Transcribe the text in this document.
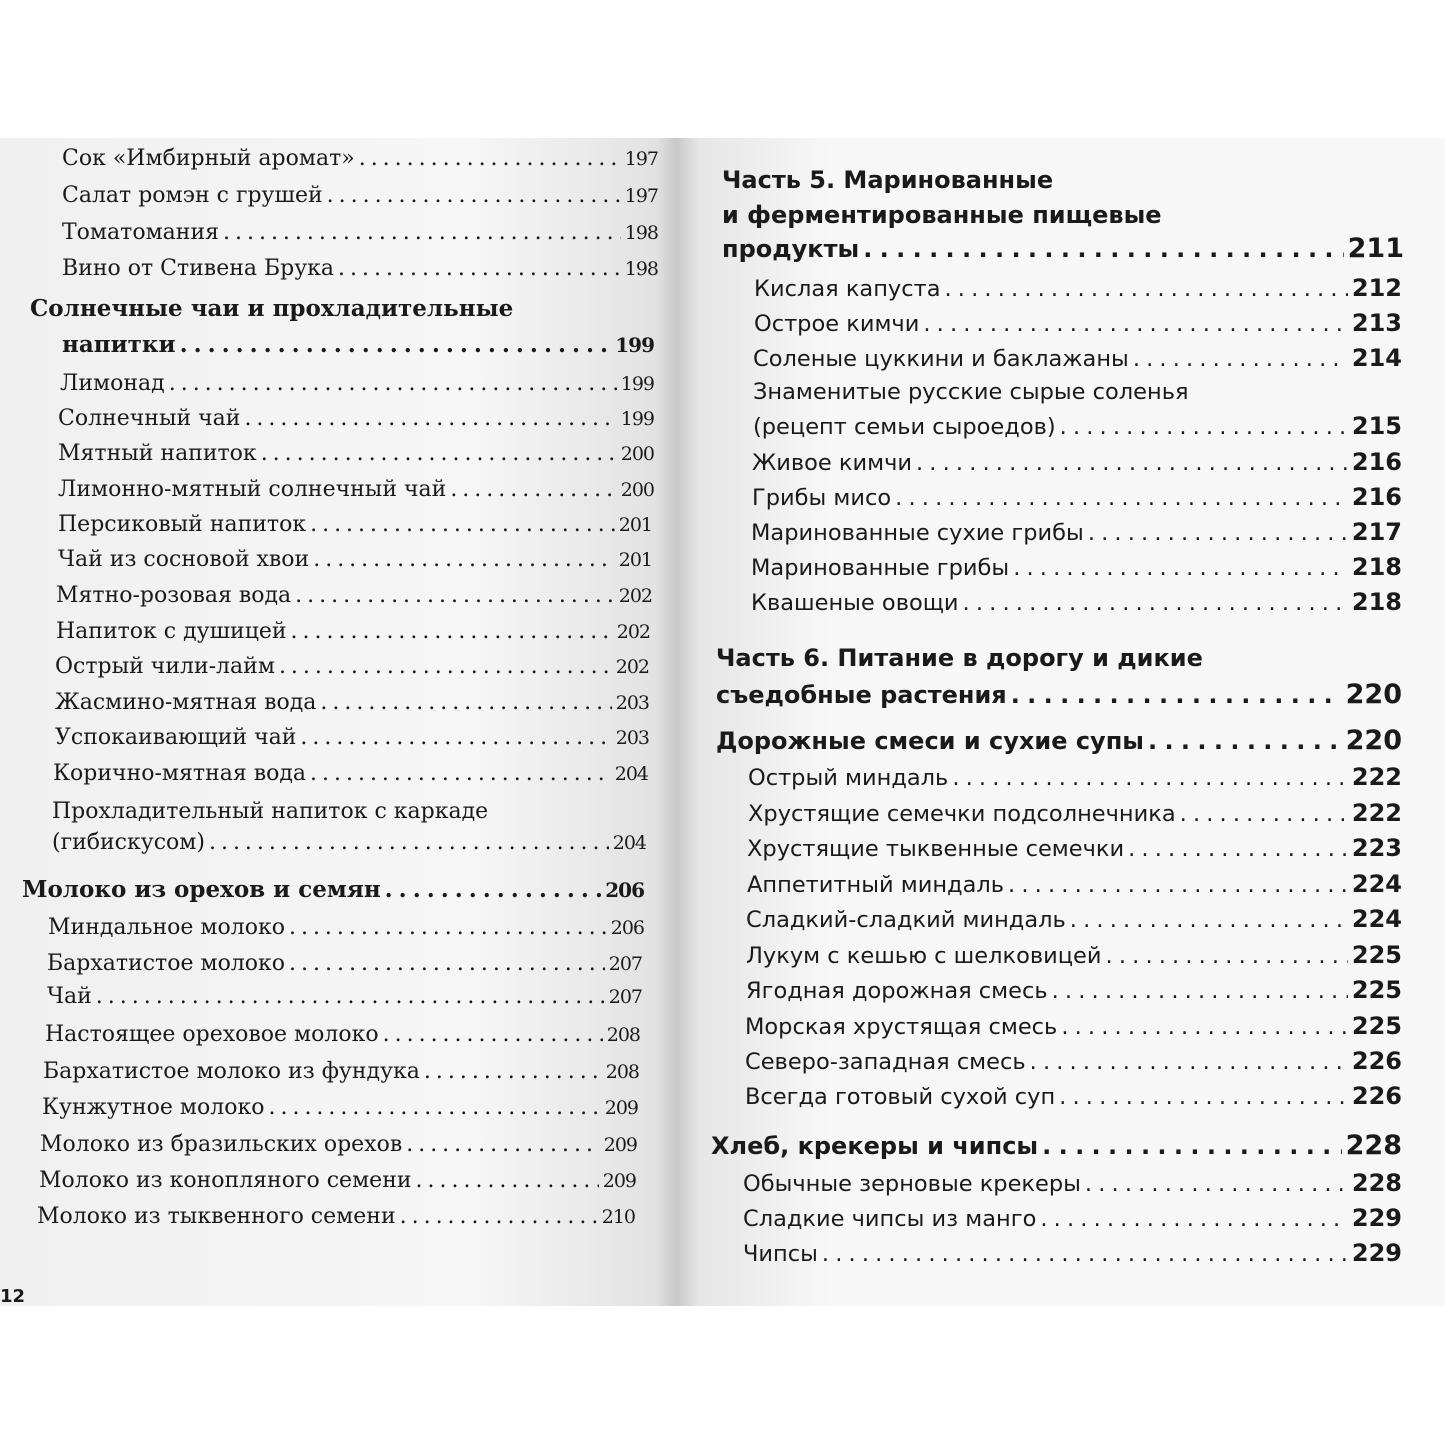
Сок «Имбирный аромат» . . .	197
Салат ромэн с грушей . . .	197
Томатомания . . .	198
Вино от Стивена Брука . . .	198
Солнечные чаи и прохладительные
напитки . . .	199
Лимонад . . .	199
Солнечный чай . . .	199
Мятный напиток . . .	200
Лимонно-мятный солнечный чай . . .	200
Персиковый напиток . . .	201
Чай из сосновой хвои . . .	201
Мятно-розовая вода . . .	202
Напиток с душицей . . .	202
Острый чили-лайм . . .	202
Жасмино-мятная вода . . .	203
Успокаивающий чай . . .	203
Корично-мятная вода . . .	204
Прохладительный напиток с каркаде
(гибискусом) . . .	204
Молоко из орехов и семян . . .	206
Миндальное молоко . . .	206
Бархатистое молоко . . .	207
Чай . . .	207
Настоящее ореховое молоко . . .	208
Бархатистое молоко из фундука . . .	208
Кунжутное молоко . . .	209
Молоко из бразильских орехов . . .	209
Молоко из конопляного семени . . .	209
Молоко из тыквенного семени . . .	210
12
Часть 5. Маринованные
и ферментированные пищевые
продукты . . .	211
Кислая капуста . . .	212
Острое кимчи . . .	213
Соленые цуккини и баклажаны . . .	214
Знаменитые русские сырые соленья
(рецепт семьи сыроедов) . . .	215
Живое кимчи . . .	216
Грибы мисо . . .	216
Маринованные сухие грибы . . .	217
Маринованные грибы . . .	218
Квашеные овощи . . .	218
Часть 6. Питание в дорогу и дикие
съедобные растения . . .	220
Дорожные смеси и сухие супы . . .	220
Острый миндаль . . .	222
Хрустящие семечки подсолнечника . . .	222
Хрустящие тыквенные семечки . . .	223
Аппетитный миндаль . . .	224
Сладкий-сладкий миндаль . . .	224
Лукум с кешью с шелковицей . . .	225
Ягодная дорожная смесь . . .	225
Морская хрустящая смесь . . .	225
Северо-западная смесь . . .	226
Всегда готовый сухой суп . . .	226
Хлеб, крекеры и чипсы . . .	228
Обычные зерновые крекеры . . .	228
Сладкие чипсы из манго . . .	229
Чипсы . . .	229
